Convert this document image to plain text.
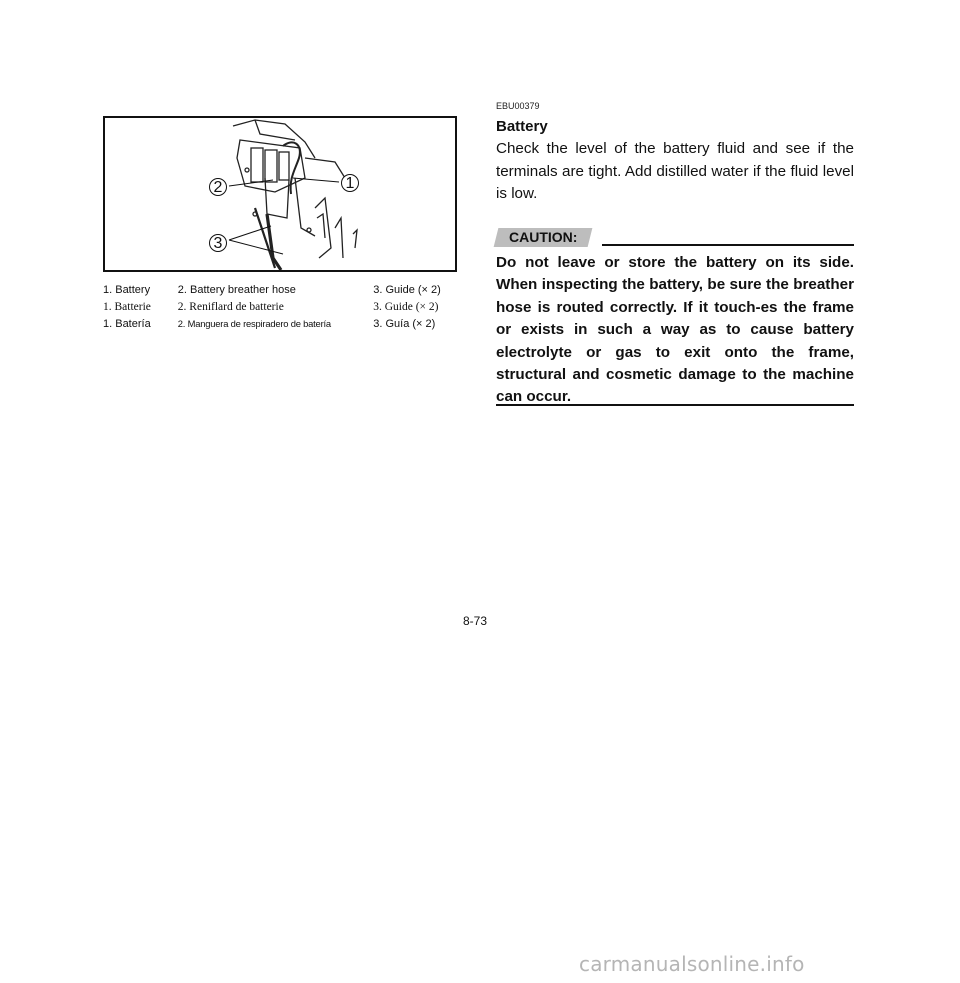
1
2
3
1. Battery	2. Battery breather hose	3. Guide (× 2)
1. Batterie	2. Reniflard de batterie	3. Guide (× 2)
1. Batería	2. Manguera de respiradero de batería	3. Guía (× 2)
EBU00379
Battery
Check the level of the battery fluid and see if the terminals are tight. Add distilled water if the fluid level is low.
CAUTION:
Do not leave or store the battery on its side. When inspecting the battery, be sure the breather hose is routed correctly. If it touch-es the frame or exists in such a way as to cause battery electrolyte or gas to exit onto the frame, structural and cosmetic damage to the machine can occur.
8-73
carmanualsonline.info
